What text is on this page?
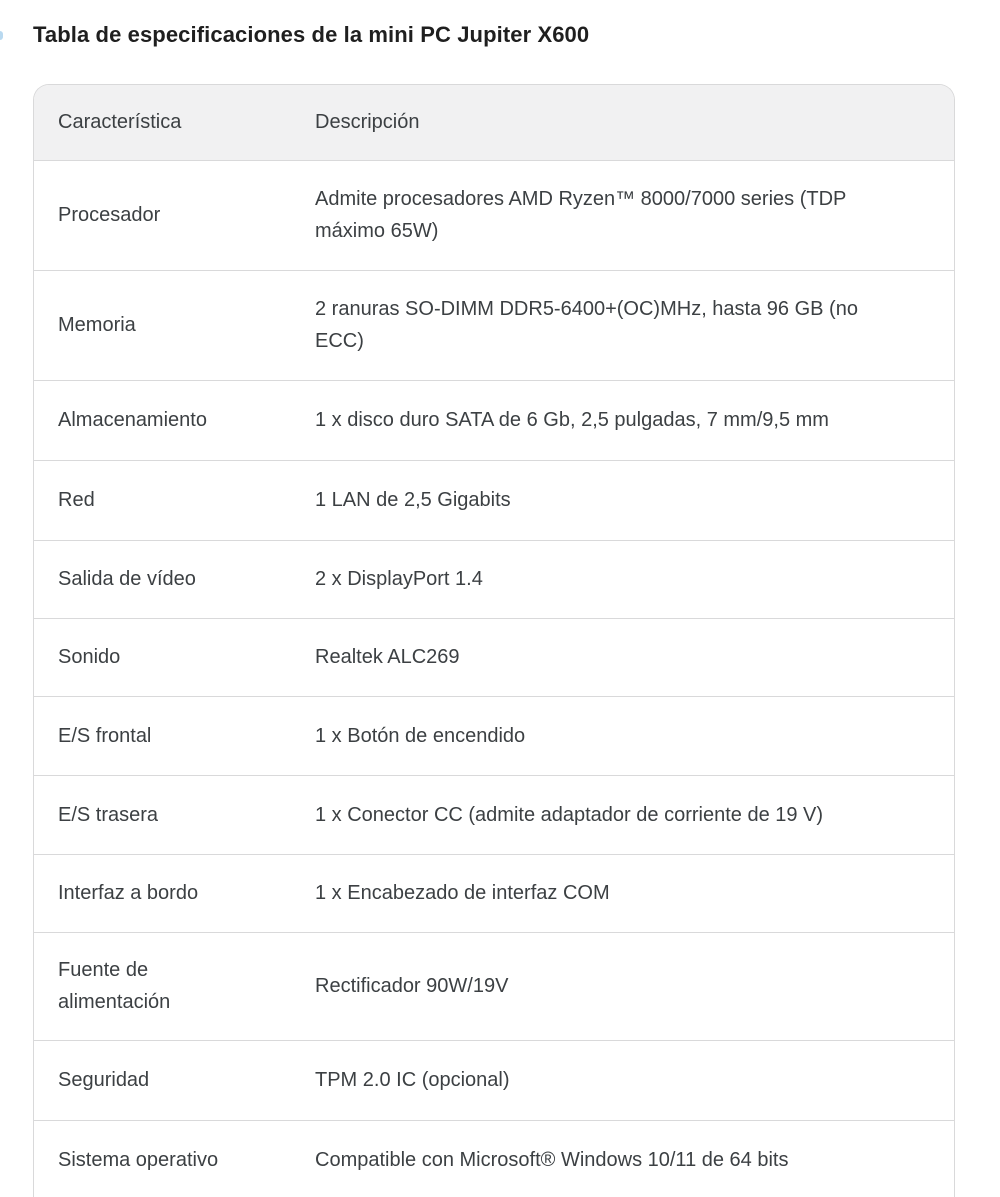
Tabla de especificaciones de la mini PC Jupiter X600
Característica	Descripción
Procesador	Admite procesadores AMD Ryzen™ 8000/7000 series (TDP máximo 65W)
Memoria	2 ranuras SO-DIMM DDR5-6400+(OC)MHz, hasta 96 GB (no ECC)
Almacenamiento	1 x disco duro SATA de 6 Gb, 2,5 pulgadas, 7 mm/9,5 mm
Red	1 LAN de 2,5 Gigabits
Salida de vídeo	2 x DisplayPort 1.4
Sonido	Realtek ALC269
E/S frontal	1 x Botón de encendido
E/S trasera	1 x Conector CC (admite adaptador de corriente de 19 V)
Interfaz a bordo	1 x Encabezado de interfaz COM
Fuente de alimentación	Rectificador 90W/19V
Seguridad	TPM 2.0 IC (opcional)
Sistema operativo	Compatible con Microsoft® Windows 10/11 de 64 bits
